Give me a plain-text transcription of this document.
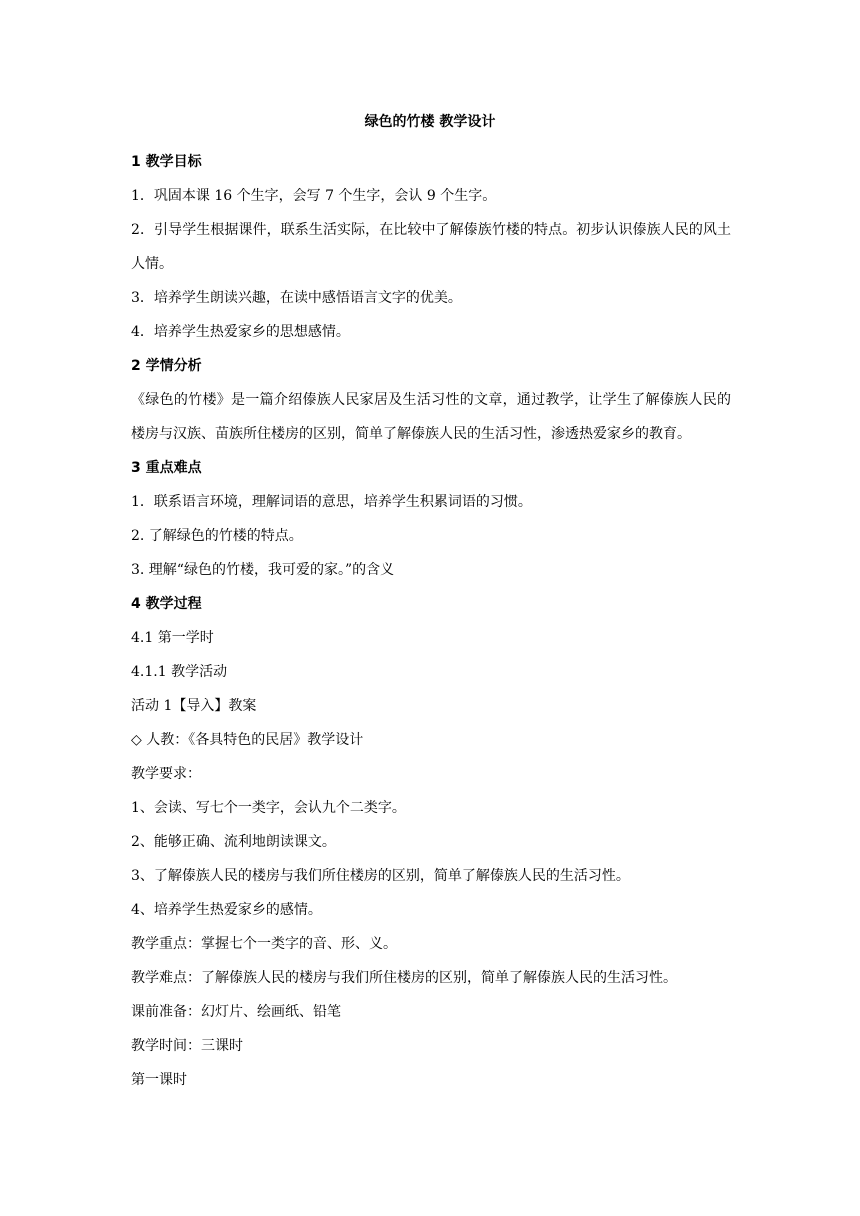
绿色的竹楼 教学设计
1 教学目标

1．巩固本课 16 个生字，会写 7 个生字，会认 9 个生字。

2．引导学生根据课件，联系生活实际，在比较中了解傣族竹楼的特点。初步认识傣族人民的风土人情。

3．培养学生朗读兴趣，在读中感悟语言文字的优美。

4．培养学生热爱家乡的思想感情。

2 学情分析

《绿色的竹楼》是一篇介绍傣族人民家居及生活习性的文章，通过教学，让学生了解傣族人民的楼房与汉族、苗族所住楼房的区别，简单了解傣族人民的生活习性，渗透热爱家乡的教育。

3 重点难点

1．联系语言环境，理解词语的意思，培养学生积累词语的习惯。

2. 了解绿色的竹楼的特点。

3. 理解“绿色的竹楼，我可爱的家。”的含义

4 教学过程

4.1 第一学时

4.1.1 教学活动

活动 1【导入】教案

◇ 人教：《各具特色的民居》教学设计

教学要求：

1、会读、写七个一类字，会认九个二类字。

2、能够正确、流利地朗读课文。

3、了解傣族人民的楼房与我们所住楼房的区别，简单了解傣族人民的生活习性。

4、培养学生热爱家乡的感情。

教学重点：掌握七个一类字的音、形、义。

教学难点：了解傣族人民的楼房与我们所住楼房的区别，简单了解傣族人民的生活习性。

课前准备：幻灯片、绘画纸、铅笔

教学时间：三课时

第一课时
